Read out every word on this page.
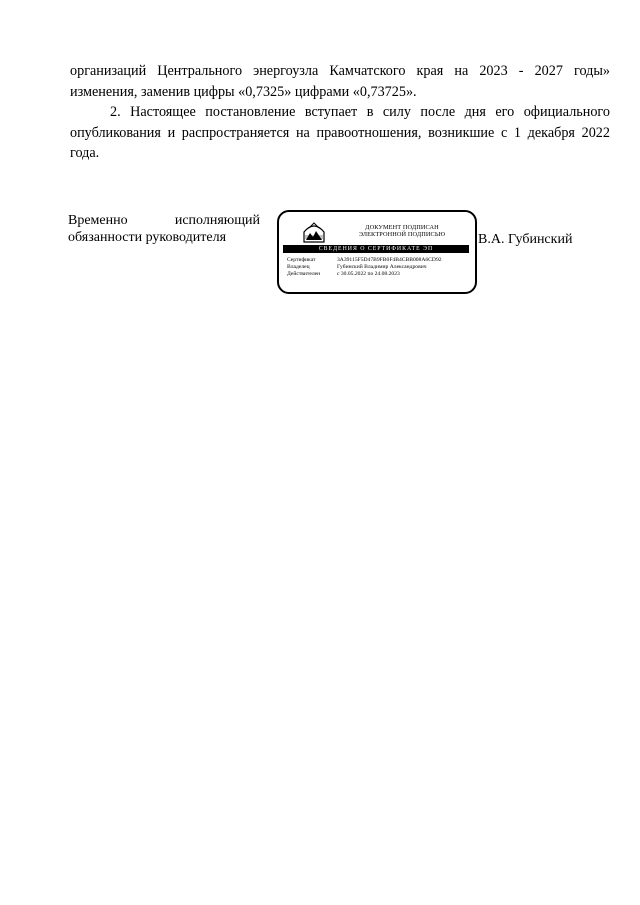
организаций Центрального энергоузла Камчатского края на 2023 - 2027 годы» изменения, заменив цифры «0,7325» цифрами «0,73725».

2. Настоящее постановление вступает в силу после дня его официального опубликования и распространяется на правоотношения, возникшие с 1 декабря 2022 года.

Временно исполняющий
обязанности руководителя
ДОКУМЕНТ ПОДПИСАН
ЭЛЕКТРОННОЙ ПОДПИСЬЮ
СВЕДЕНИЯ О СЕРТИФИКАТЕ ЭП
Сертификат	3A39115F5D47B9FB0F4B4CBB008A6CD92
Владелец	Губинский Владимир Александрович
Действителен	с 30.05.2022 по 24.08.2023
В.А. Губинский
